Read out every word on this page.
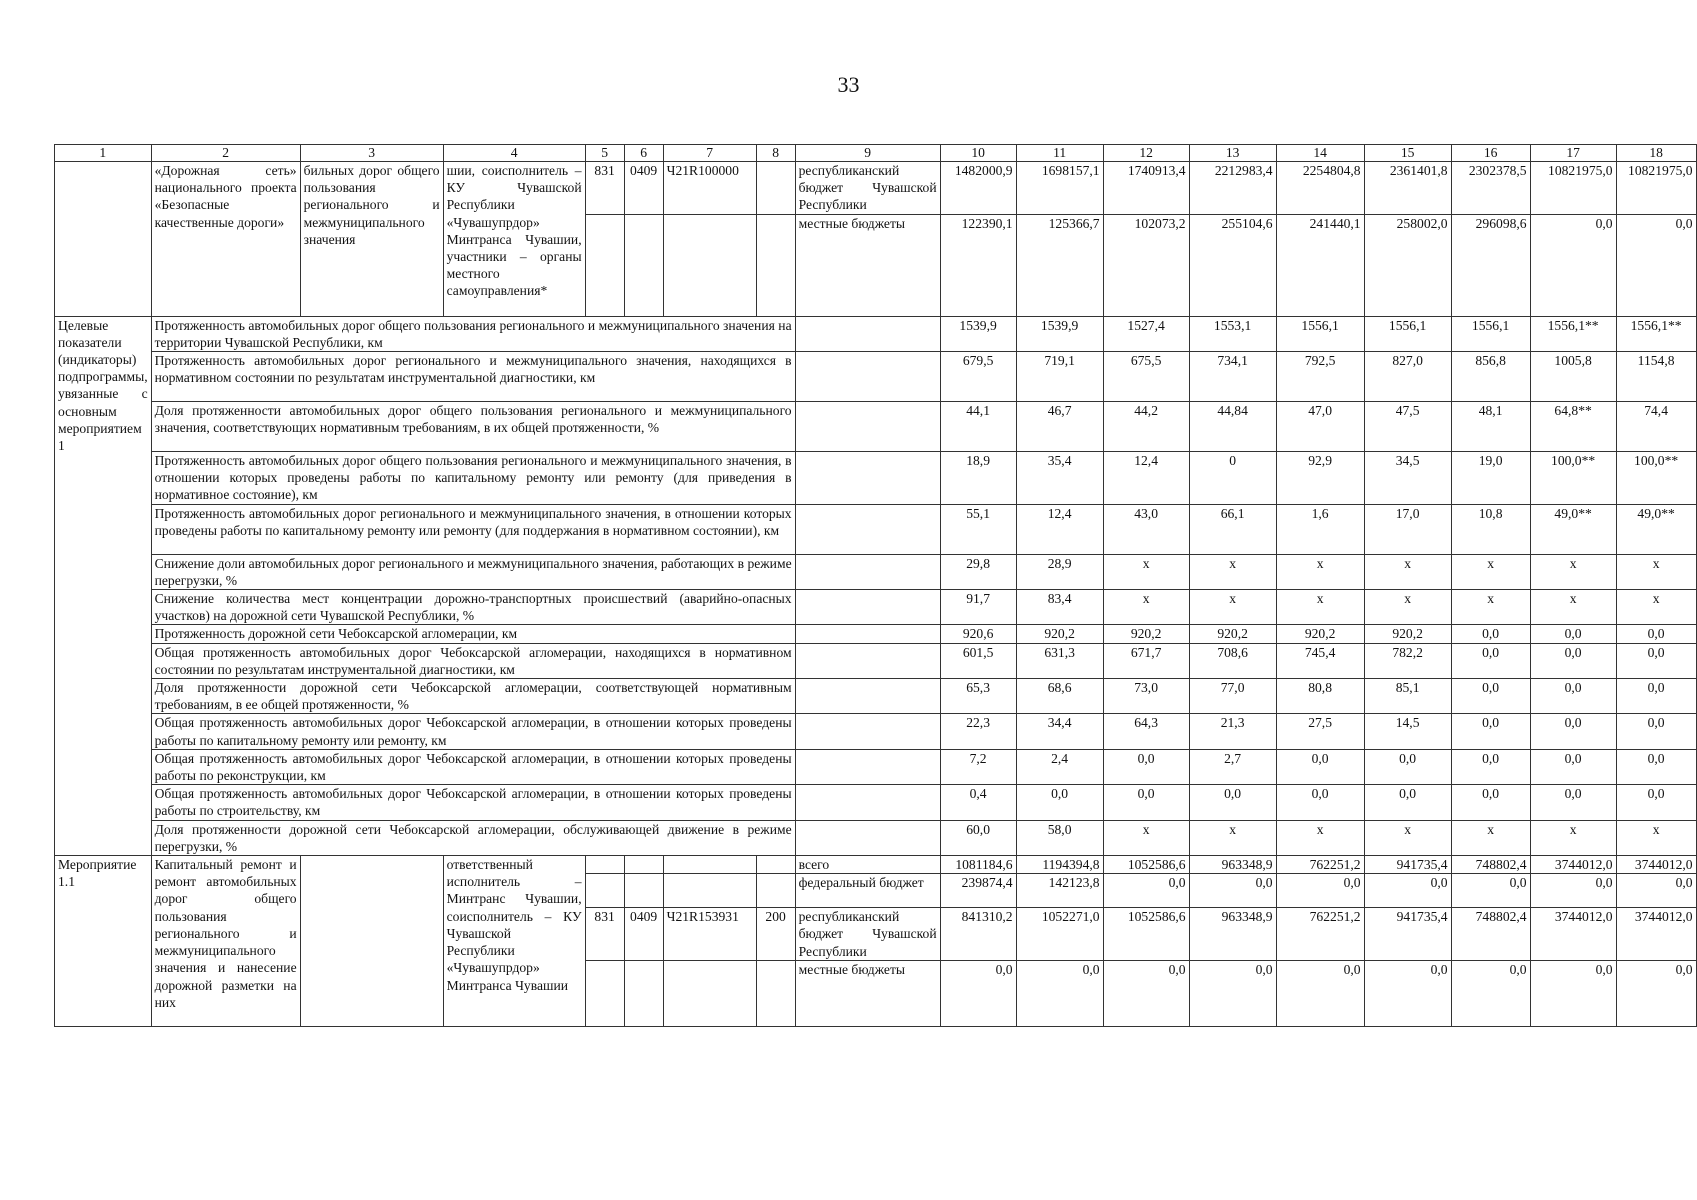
33
1	2	3	4	5	6	7	8	9	10	11	12	13	14	15	16	17	18
	«Дорожная сеть» национального проекта «Безопасные качественные дороги»	бильных дорог общего пользования регионального и межмуниципального значения	шии, соисполнитель – КУ Чувашской Республики «Чувашупрдор» Минтранса Чувашии, участники – органы местного самоуправления*	831	0409	Ч21R100000		республиканский бюджет Чувашской Республики	1482000,9	1698157,1	1740913,4	2212983,4	2254804,8	2361401,8	2302378,5	10821975,0	10821975,0
								местные бюджеты	122390,1	125366,7	102073,2	255104,6	241440,1	258002,0	296098,6	0,0	0,0
Целевые показатели (индикаторы) подпрограммы, увязанные с основным мероприятием 1	Протяженность автомобильных дорог общего пользования регионального и межмуниципального значения на территории Чувашской Республики, км								1539,9	1539,9	1527,4	1553,1	1556,1	1556,1	1556,1	1556,1**	1556,1**
	Протяженность автомобильных дорог регионального и межмуниципального значения, находящихся в нормативном состоянии по результатам инструментальной диагностики, км								679,5	719,1	675,5	734,1	792,5	827,0	856,8	1005,8	1154,8
	Доля протяженности автомобильных дорог общего пользования регионального и межмуниципального значения, соответствующих нормативным требованиям, в их общей протяженности, %								44,1	46,7	44,2	44,84	47,0	47,5	48,1	64,8**	74,4
	Протяженность автомобильных дорог общего пользования регионального и межмуниципального значения, в отношении которых проведены работы по капитальному ремонту или ремонту (для приведения в нормативное состояние), км								18,9	35,4	12,4	0	92,9	34,5	19,0	100,0**	100,0**
	Протяженность автомобильных дорог регионального и межмуниципального значения, в отношении которых проведены работы по капитальному ремонту или ремонту (для поддержания в нормативном состоянии), км								55,1	12,4	43,0	66,1	1,6	17,0	10,8	49,0**	49,0**
	Снижение доли автомобильных дорог регионального и межмуниципального значения, работающих в режиме перегрузки, %								29,8	28,9	х	х	х	х	х	х	х
	Снижение количества мест концентрации дорожно-транспортных происшествий (аварийно-опасных участков) на дорожной сети Чувашской Республики, %								91,7	83,4	х	х	х	х	х	х	х
	Протяженность дорожной сети Чебоксарской агломерации, км								920,6	920,2	920,2	920,2	920,2	920,2	0,0	0,0	0,0
	Общая протяженность автомобильных дорог Чебоксарской агломерации, находящихся в нормативном состоянии по результатам инструментальной диагностики, км								601,5	631,3	671,7	708,6	745,4	782,2	0,0	0,0	0,0
	Доля протяженности дорожной сети Чебоксарской агломерации, соответствующей нормативным требованиям, в ее общей протяженности, %								65,3	68,6	73,0	77,0	80,8	85,1	0,0	0,0	0,0
	Общая протяженность автомобильных дорог Чебоксарской агломерации, в отношении которых проведены работы по капитальному ремонту или ремонту, км								22,3	34,4	64,3	21,3	27,5	14,5	0,0	0,0	0,0
	Общая протяженность автомобильных дорог Чебоксарской агломерации, в отношении которых проведены работы по реконструкции, км								7,2	2,4	0,0	2,7	0,0	0,0	0,0	0,0	0,0
	Общая протяженность автомобильных дорог Чебоксарской агломерации, в отношении которых проведены работы по строительству, км								0,4	0,0	0,0	0,0	0,0	0,0	0,0	0,0	0,0
	Доля протяженности дорожной сети Чебоксарской агломерации, обслуживающей движение в режиме перегрузки, %								60,0	58,0	х	х	х	х	х	х	х
Мероприятие 1.1	Капитальный ремонт и ремонт автомобильных дорог общего пользования регионального и межмуниципального значения и нанесение дорожной разметки на них		ответственный исполнитель – Минтранс Чувашии, соисполнитель – КУ Чувашской Республики «Чувашупрдор» Минтранса Чувашии					всего	1081184,6	1194394,8	1052586,6	963348,9	762251,2	941735,4	748802,4	3744012,0	3744012,0
								федеральный бюджет	239874,4	142123,8	0,0	0,0	0,0	0,0	0,0	0,0	0,0
				831	0409	Ч21R153931	200	республиканский бюджет Чувашской Республики	841310,2	1052271,0	1052586,6	963348,9	762251,2	941735,4	748802,4	3744012,0	3744012,0
								местные бюджеты	0,0	0,0	0,0	0,0	0,0	0,0	0,0	0,0	0,0
